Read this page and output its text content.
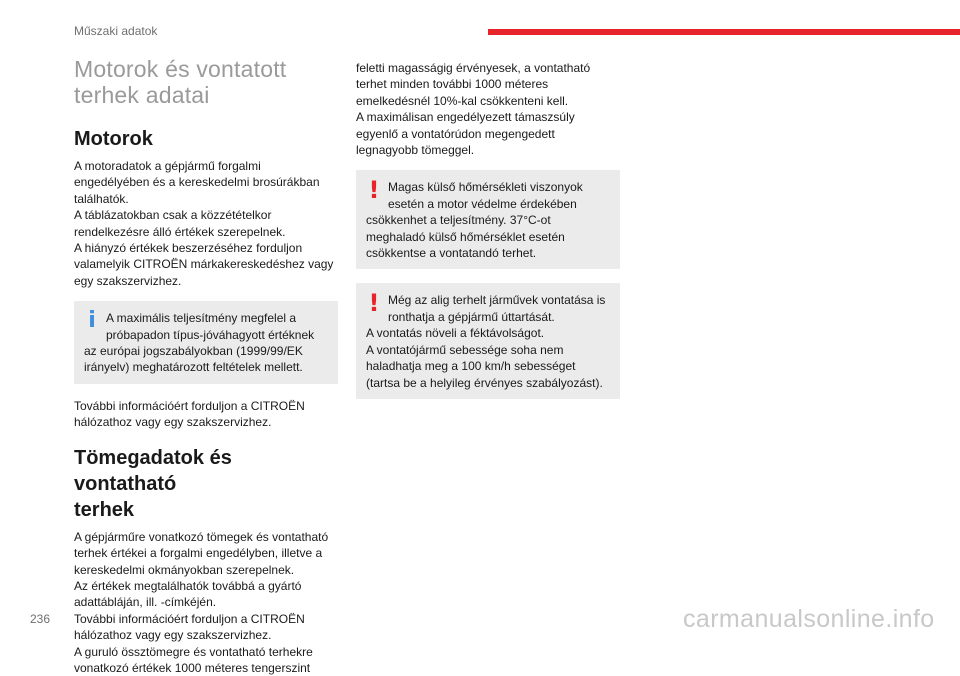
Műszaki adatok
Motorok és vontatott
terhek adatai
Motorok

A motoradatok a gépjármű forgalmi
engedélyében és a kereskedelmi brosúrákban
találhatók.
A táblázatokban csak a közzétételkor
rendelkezésre álló értékek szerepelnek.
A hiányzó értékek beszerzéséhez forduljon
valamelyik CITROËN márkakereskedéshez vagy
egy szakszervizhez.

i A maximális teljesítmény megfelel a
próbapadon típus-jóváhagyott értéknek
az európai jogszabályokban (1999/99/EK
irányelv) meghatározott feltételek mellett.

További információért forduljon a CITROËN
hálózathoz vagy egy szakszervizhez.

Tömegadatok és vontatható
terhek

A gépjárműre vonatkozó tömegek és vontatható
terhek értékei a forgalmi engedélyben, illetve a
kereskedelmi okmányokban szerepelnek.
Az értékek megtalálhatók továbbá a gyártó
adattábláján, ill. -címkéjén.
További információért forduljon a CITROËN
hálózathoz vagy egy szakszervizhez.
A guruló össztömegre és vontatható terhekre
vonatkozó értékek 1000 méteres tengerszint

feletti magasságig érvényesek, a vontatható
terhet minden további 1000 méteres
emelkedésnél 10%-kal csökkenteni kell.
A maximálisan engedélyezett támaszsúly
egyenlő a vontatórúdon megengedett
legnagyobb tömeggel.

! Magas külső hőmérsékleti viszonyok
esetén a motor védelme érdekében
csökkenhet a teljesítmény. 37°C-ot
meghaladó külső hőmérséklet esetén
csökkentse a vontatandó terhet.

! Még az alig terhelt járművek vontatása is
ronthatja a gépjármű úttartását.
A vontatás növeli a féktávolságot.
A vontatójármű sebessége soha nem
haladhatja meg a 100 km/h sebességet
(tartsa be a helyileg érvényes szabályozást).

236	carmanualsonline.info
